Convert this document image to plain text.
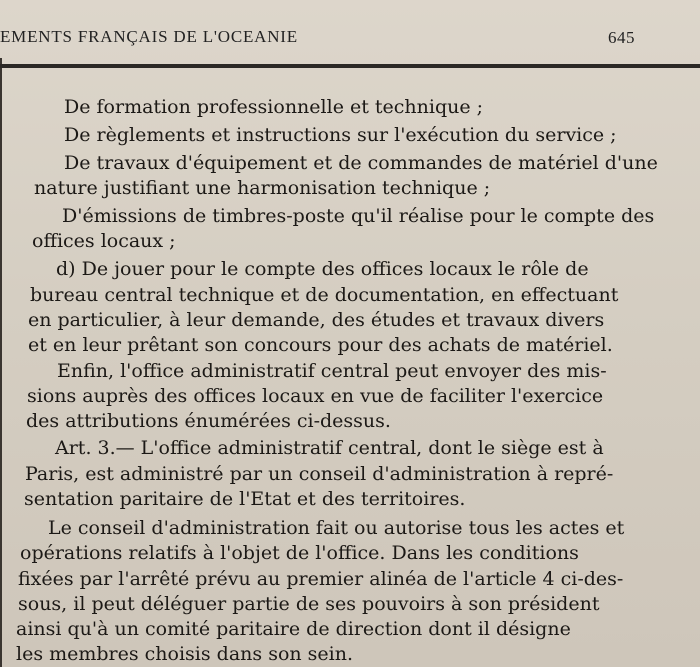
EMENTS FRANÇAIS DE L'OCEANIE	645
De formation professionnelle et technique ;
De règlements et instructions sur l'exécution du service ;
De travaux d'équipement et de commandes de matériel d'une
nature justifiant une harmonisation technique ;
D'émissions de timbres-poste qu'il réalise pour le compte des
offices locaux ;
d) De jouer pour le compte des offices locaux le rôle de
bureau central technique et de documentation, en effectuant
en particulier, à leur demande, des études et travaux divers
et en leur prêtant son concours pour des achats de matériel.
Enfin, l'office administratif central peut envoyer des mis-
sions auprès des offices locaux en vue de faciliter l'exercice
des attributions énumérées ci-dessus.
Art. 3.— L'office administratif central, dont le siège est à
Paris, est administré par un conseil d'administration à repré-
sentation paritaire de l'Etat et des territoires.
Le conseil d'administration fait ou autorise tous les actes et
opérations relatifs à l'objet de l'office. Dans les conditions
fixées par l'arrêté prévu au premier alinéa de l'article 4 ci-des-
sous, il peut déléguer partie de ses pouvoirs à son président
ainsi qu'à un comité paritaire de direction dont il désigne
les membres choisis dans son sein.
